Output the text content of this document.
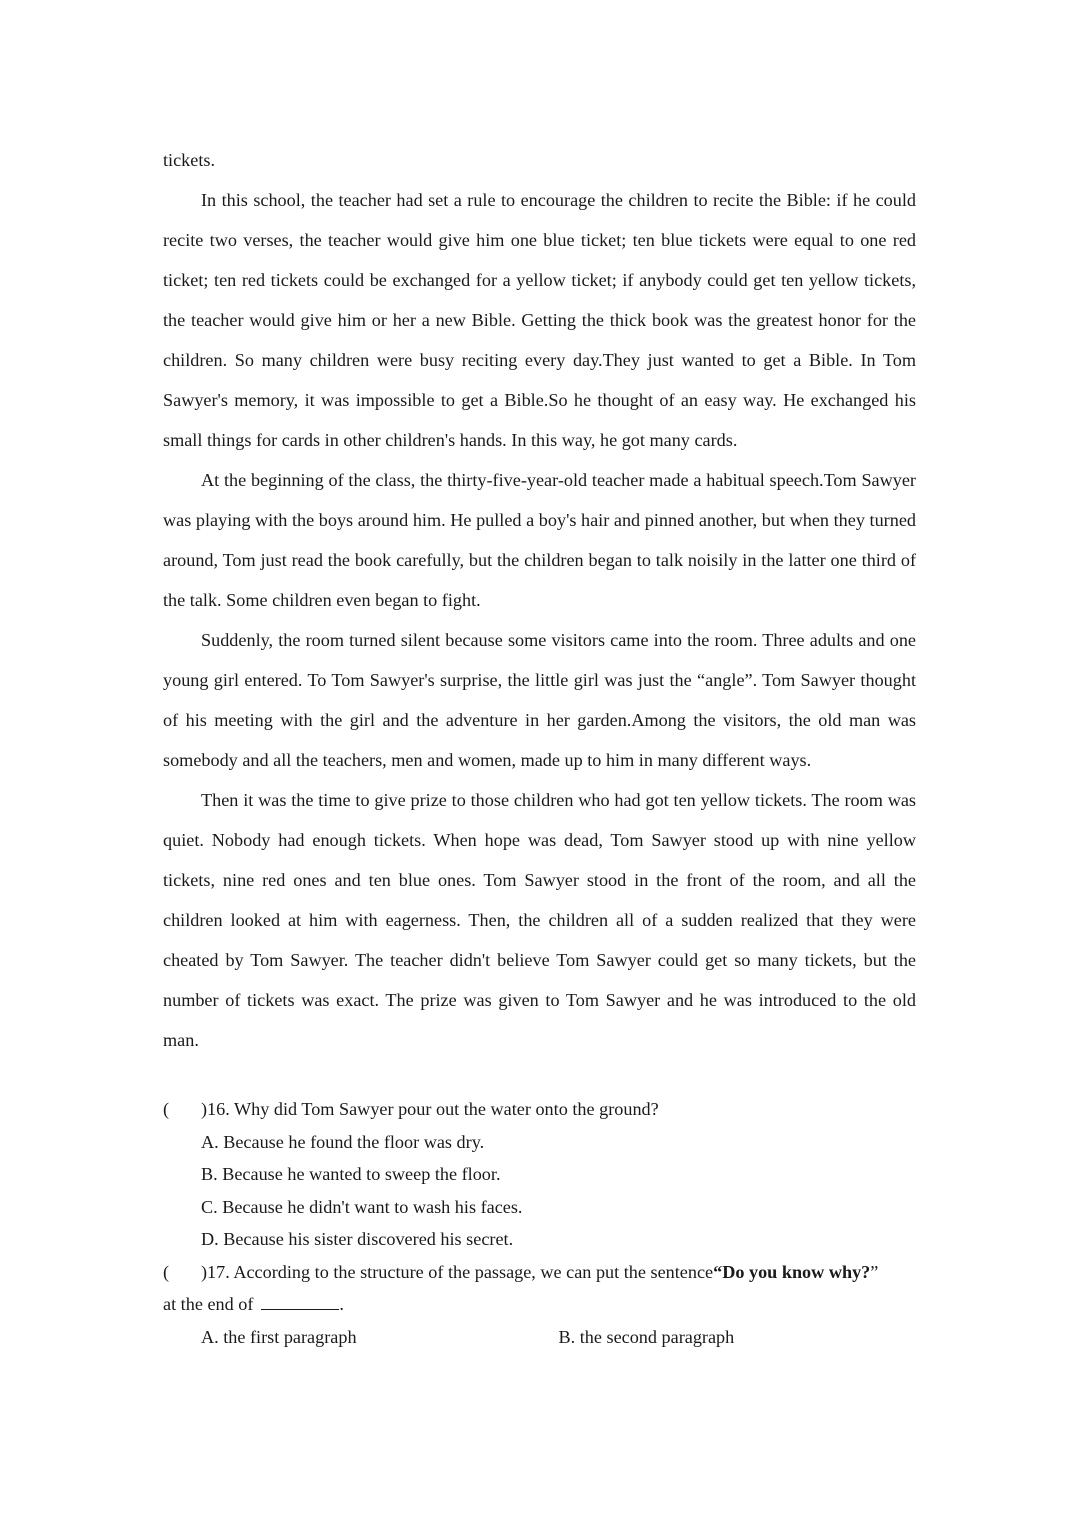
tickets.

In this school, the teacher had set a rule to encourage the children to recite the Bible: if he could recite two verses, the teacher would give him one blue ticket; ten blue tickets were equal to one red ticket; ten red tickets could be exchanged for a yellow ticket; if anybody could get ten yellow tickets, the teacher would give him or her a new Bible. Getting the thick book was the greatest honor for the children. So many children were busy reciting every day.They just wanted to get a Bible. In Tom Sawyer's memory, it was impossible to get a Bible.So he thought of an easy way. He exchanged his small things for cards in other children's hands. In this way, he got many cards.

At the beginning of the class, the thirty-five-year-old teacher made a habitual speech.Tom Sawyer was playing with the boys around him. He pulled a boy's hair and pinned another, but when they turned around, Tom just read the book carefully, but the children began to talk noisily in the latter one third of the talk. Some children even began to fight.

Suddenly, the room turned silent because some visitors came into the room. Three adults and one young girl entered. To Tom Sawyer's surprise, the little girl was just the “angle”. Tom Sawyer thought of his meeting with the girl and the adventure in her garden.Among the visitors, the old man was somebody and all the teachers, men and women, made up to him in many different ways.

Then it was the time to give prize to those children who had got ten yellow tickets. The room was quiet. Nobody had enough tickets. When hope was dead, Tom Sawyer stood up with nine yellow tickets, nine red ones and ten blue ones. Tom Sawyer stood in the front of the room, and all the children looked at him with eagerness. Then, the children all of a sudden realized that they were cheated by Tom Sawyer. The teacher didn't believe Tom Sawyer could get so many tickets, but the number of tickets was exact. The prize was given to Tom Sawyer and he was introduced to the old man.

( )16. Why did Tom Sawyer pour out the water onto the ground?

A. Because he found the floor was dry.

B. Because he wanted to sweep the floor.

C. Because he didn't want to wash his faces.

D. Because his sister discovered his secret.

( )17. According to the structure of the passage, we can put the sentence“Do you know why?”

at the end of	.

A. the first paragraph	B. the second paragraph
